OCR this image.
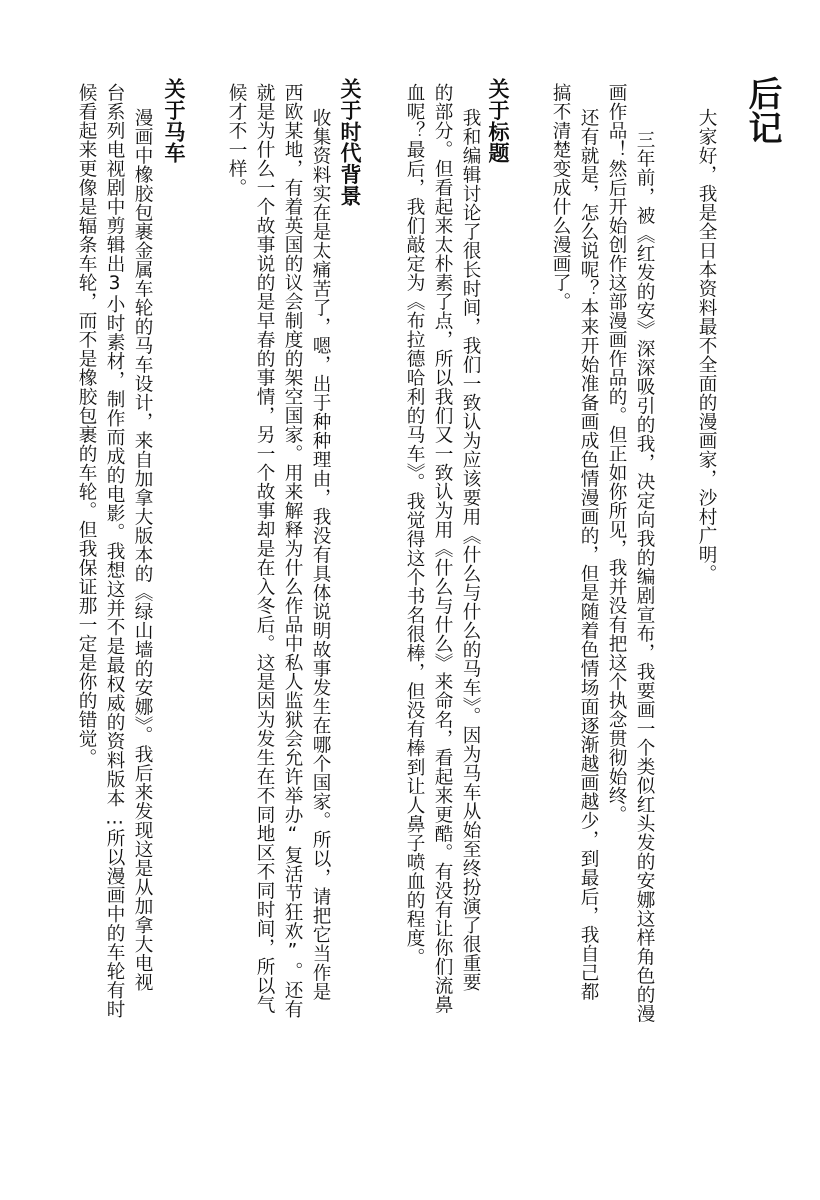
后记
大家好，我是全日本资料最不全面的漫画家，沙村广明。
三年前，被《红发的安》深深吸引的我，决定向我的编剧宣布，我要画一个类似红头发的安娜这样角色的漫
画作品！然后开始创作这部漫画作品的。但正如你所见，我并没有把这个执念贯彻始终。
还有就是，怎么说呢？本来开始准备画成色情漫画的，但是随着色情场面逐渐越画越少，到最后，我自己都
搞不清楚变成什么漫画了。
关于标题
我和编辑讨论了很长时间，我们一致认为应该要用《什么与什么的马车》。因为马车从始至终扮演了很重要
的部分。但看起来太朴素了点，所以我们又一致认为用《什么与什么》来命名，看起来更酷。有没有让你们流鼻
血呢？最后，我们敲定为《布拉德哈利的马车》。我觉得这个书名很棒，但没有棒到让人鼻子喷血的程度。
关于时代背景
收集资料实在是太痛苦了，嗯，出于种种理由，我没有具体说明故事发生在哪个国家。所以，请把它当作是
西欧某地，有着英国的议会制度的架空国家。用来解释为什么作品中私人监狱会允许举办“复活节狂欢”。还有
就是为什么一个故事说的是早春的事情，另一个故事却是在入冬后。这是因为发生在不同地区不同时间，所以气
候才不一样。
关于马车
漫画中橡胶包裹金属车轮的马车设计，来自加拿大版本的《绿山墙的安娜》。我后来发现这是从加拿大电视
台系列电视剧中剪辑出3小时素材，制作而成的电影。我想这并不是最权威的资料版本…所以漫画中的车轮有时
候看起来更像是辐条车轮，而不是橡胶包裹的车轮。但我保证那一定是你的错觉。
